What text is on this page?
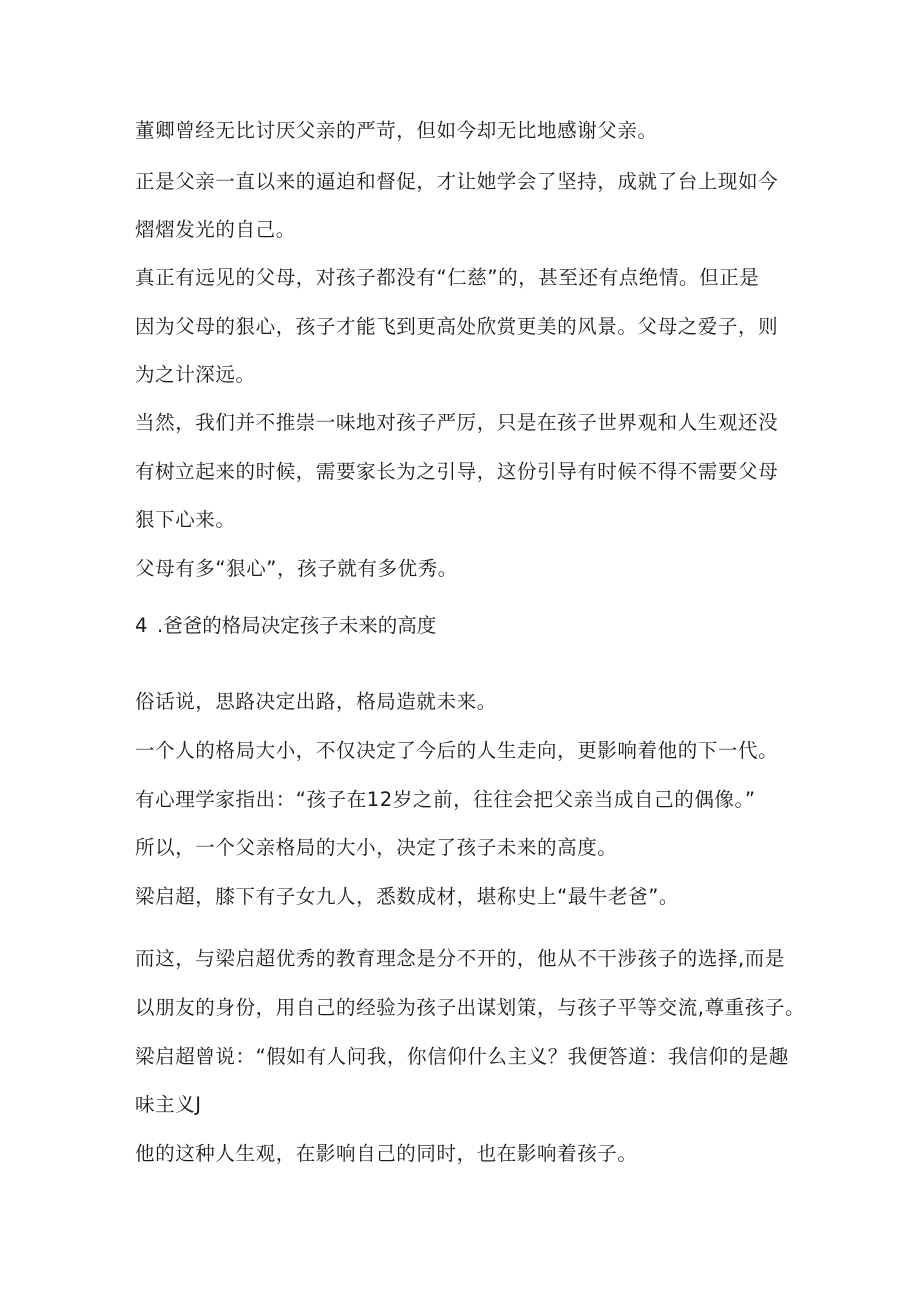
董卿曾经无比讨厌父亲的严苛，但如今却无比地感谢父亲。
正是父亲一直以来的逼迫和督促，才让她学会了坚持，成就了台上现如今
熠熠发光的自己。
真正有远见的父母，对孩子都没有“仁慈”的，甚至还有点绝情。但正是
因为父母的狠心，孩子才能飞到更高处欣赏更美的风景。父母之爱子，则
为之计深远。
当然，我们并不推崇一味地对孩子严厉，只是在孩子世界观和人生观还没
有树立起来的时候，需要家长为之引导，这份引导有时候不得不需要父母
狠下心来。
父母有多“狠心”，孩子就有多优秀。
4 .爸爸的格局决定孩子未来的高度
俗话说，思路决定出路，格局造就未来。
一个人的格局大小，不仅决定了今后的人生走向，更影响着他的下一代。
有心理学家指出：“孩子在12岁之前，往往会把父亲当成自己的偶像。”
所以，一个父亲格局的大小，决定了孩子未来的高度。
梁启超，膝下有子女九人，悉数成材，堪称史上“最牛老爸”。
而这，与梁启超优秀的教育理念是分不开的，他从不干涉孩子的选择,而是
以朋友的身份，用自己的经验为孩子出谋划策，与孩子平等交流,尊重孩子。
梁启超曾说：“假如有人问我，你信仰什么主义？我便答道：我信仰的是趣
味主义J
他的这种人生观，在影响自己的同时，也在影响着孩子。
